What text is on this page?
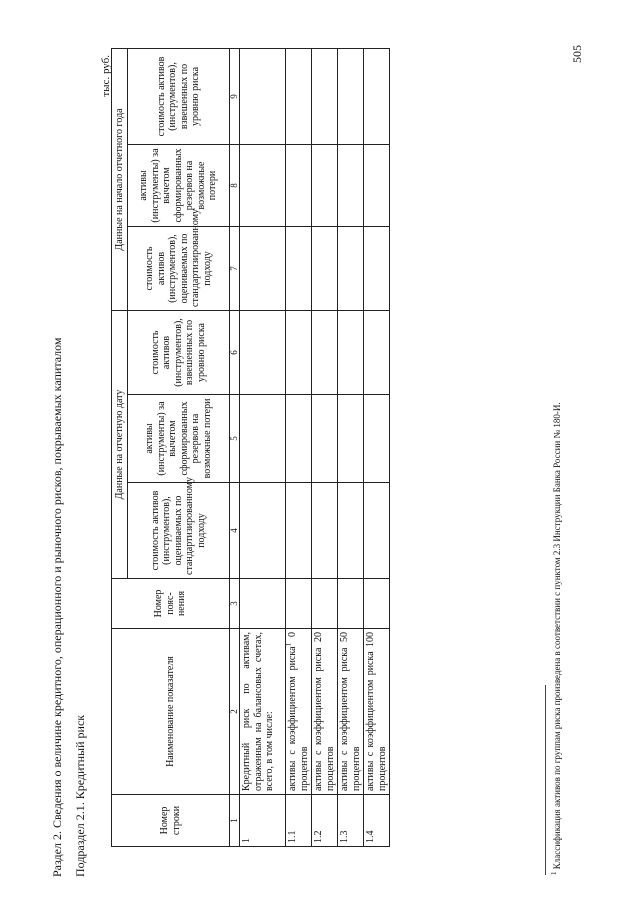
Раздел 2. Сведения о величине кредитного, операционного и рыночного рисков, покрываемых капиталом Подраздел 2.1. Кредитный риск
тыс. руб.
Номер строки	Наименование показателя	Номер пояс-нения	Данные на отчетную дату			Данные на начало отчетного года		
			стоимость активов (инструментов), оцениваемых по стандартизированному подходу	активы (инструменты) за вычетом сформированных резервов на возможные потери	стоимость активов (инструментов), взвешенных по уровню риска	стоимость активов (инструментов), оцениваемых по стандартизированному подходу	активы (инструменты) за вычетом сформированных резервов на возможные потери	стоимость активов (инструментов), взвешенных по уровню риска
1	2	3	4	5	6	7	8	9
1	Кредитный риск по активам, отраженным на балансовых счетах, всего, в том числе:							
1.1	активы с коэффициентом риска$^1$ 0 процентов							
1.2	активы с коэффициентом риска 20 процентов							
1.3	активы с коэффициентом риска 50 процентов							
1.4	активы с коэффициентом риска 100 процентов							
$^1$ Классификация активов по группам риска произведена в соответствии с пунктом 2.3 Инструкции Банка России № 180-И.
505
